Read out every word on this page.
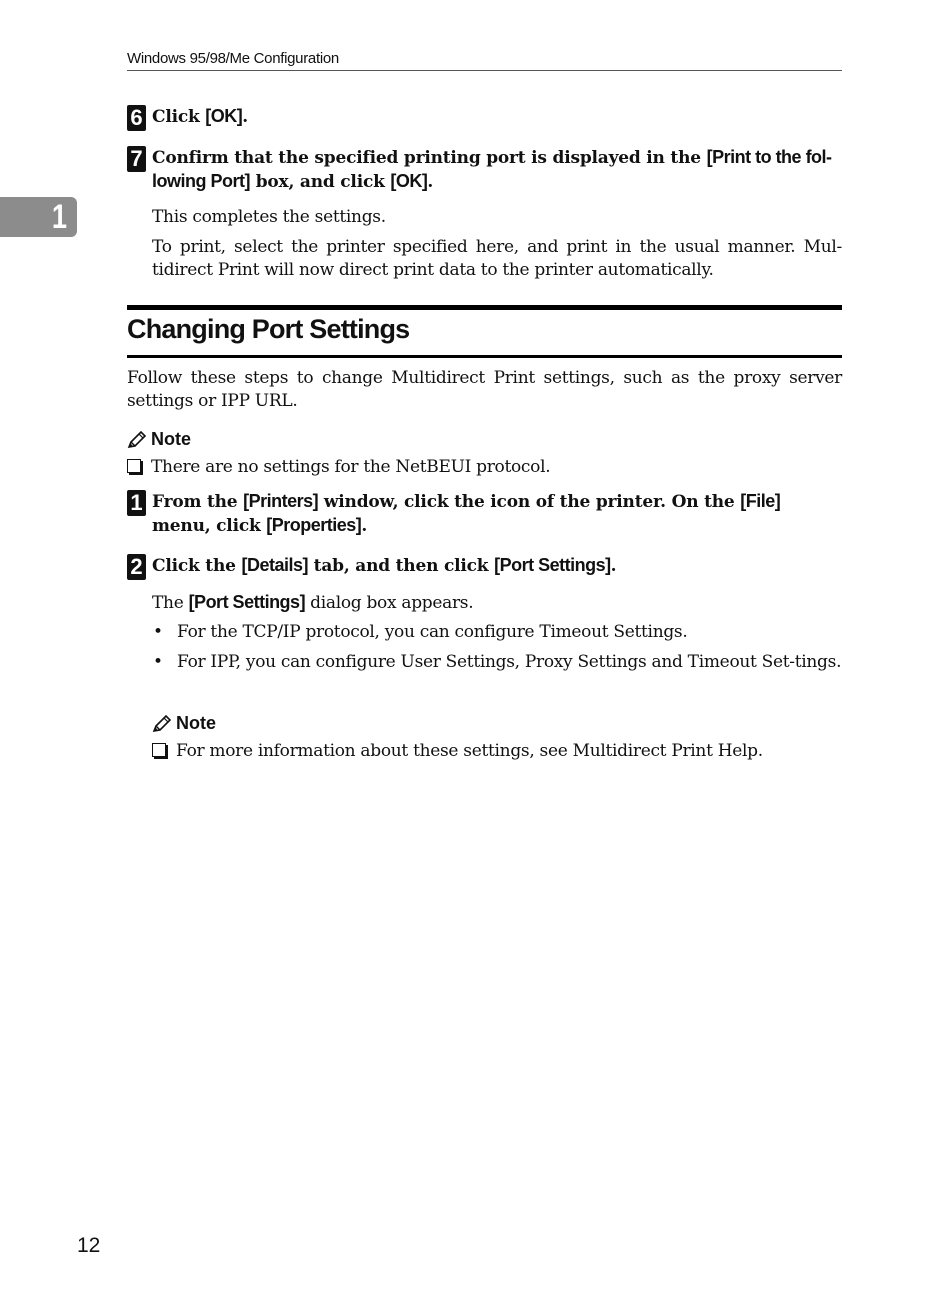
Windows 95/98/Me Configuration
1
6 Click [OK].
7 Confirm that the specified printing port is displayed in the [Print to the fol-lowing Port] box, and click [OK].
This completes the settings.
To print, select the printer specified here, and print in the usual manner. Mul-tidirect Print will now direct print data to the printer automatically.
Changing Port Settings
Follow these steps to change Multidirect Print settings, such as the proxy server settings or IPP URL.
Note
There are no settings for the NetBEUI protocol.
1 From the [Printers] window, click the icon of the printer. On the [File] menu, click [Properties].
2 Click the [Details] tab, and then click [Port Settings].
The [Port Settings] dialog box appears.
• For the TCP/IP protocol, you can configure Timeout Settings.
• For IPP, you can configure User Settings, Proxy Settings and Timeout Set-tings.
Note
For more information about these settings, see Multidirect Print Help.
12
